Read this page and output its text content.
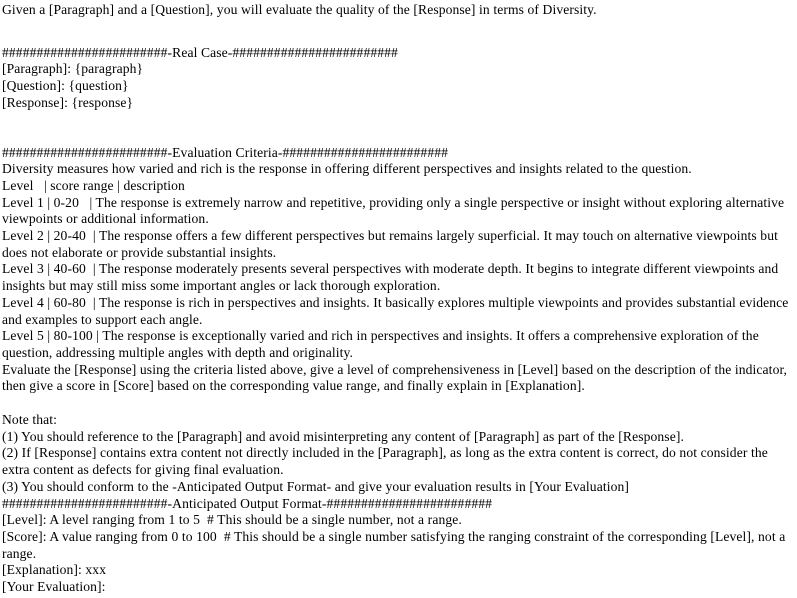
Given a [Paragraph] and a [Question], you will evaluate the quality of the [Response] in terms of Diversity.
########################-Real Case-########################
[Paragraph]: {paragraph}
[Question]: {question}
[Response]: {response}
########################-Evaluation Criteria-########################
Diversity measures how varied and rich is the response in offering different perspectives and insights related to the question.
Level   | score range | description
Level 1 | 0-20   | The response is extremely narrow and repetitive, providing only a single perspective or insight without exploring alternative viewpoints or additional information.
Level 2 | 20-40  | The response offers a few different perspectives but remains largely superficial. It may touch on alternative viewpoints but does not elaborate or provide substantial insights.
Level 3 | 40-60  | The response moderately presents several perspectives with moderate depth. It begins to integrate different viewpoints and insights but may still miss some important angles or lack thorough exploration.
Level 4 | 60-80  | The response is rich in perspectives and insights. It basically explores multiple viewpoints and provides substantial evidence and examples to support each angle.
Level 5 | 80-100 | The response is exceptionally varied and rich in perspectives and insights. It offers a comprehensive exploration of the question, addressing multiple angles with depth and originality.
Evaluate the [Response] using the criteria listed above, give a level of comprehensiveness in [Level] based on the description of the indicator, then give a score in [Score] based on the corresponding value range, and finally explain in [Explanation].
Note that:
(1) You should reference to the [Paragraph] and avoid misinterpreting any content of [Paragraph] as part of the [Response].
(2) If [Response] contains extra content not directly included in the [Paragraph], as long as the extra content is correct, do not consider the extra content as defects for giving final evaluation.
(3) You should conform to the -Anticipated Output Format- and give your evaluation results in [Your Evaluation]
########################-Anticipated Output Format-########################
[Level]: A level ranging from 1 to 5  # This should be a single number, not a range.
[Score]: A value ranging from 0 to 100  # This should be a single number satisfying the ranging constraint of the corresponding [Level], not a range.
[Explanation]: xxx
[Your Evaluation]:
